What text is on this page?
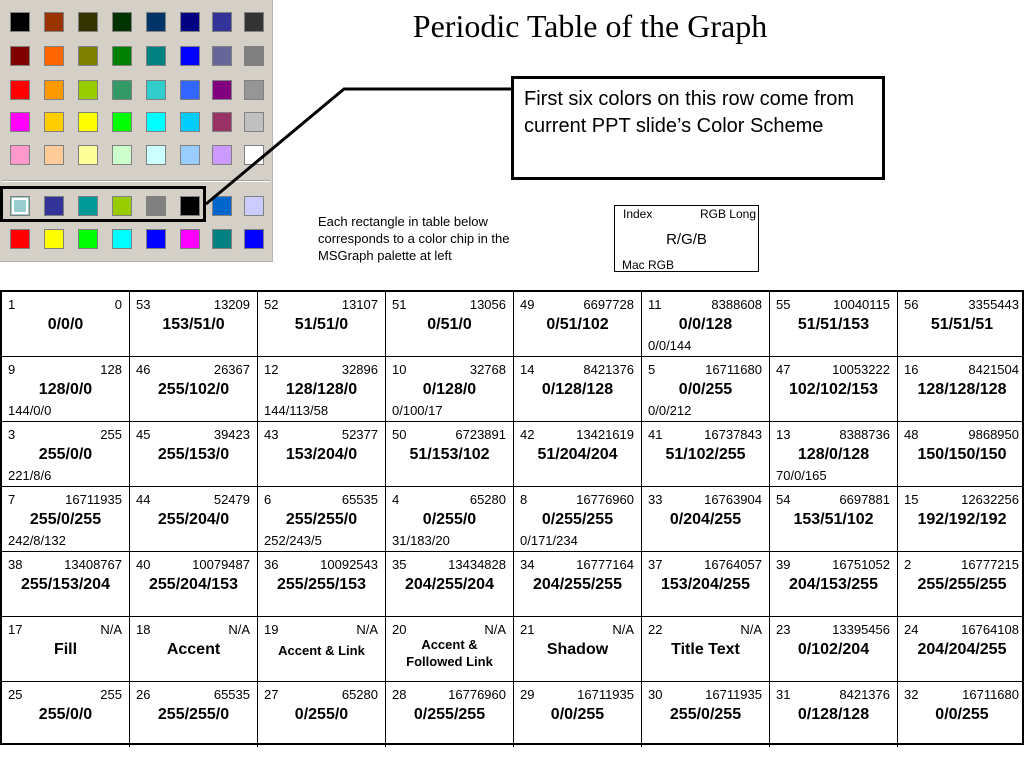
Periodic Table of the Graph
First six colors on this row come from current PPT slide’s Color Scheme
Each rectangle in table below corresponds to a color chip in the MSGraph palette at left
Index	RGB Long
R/G/B
Mac RGB
1	0
0/0/0
53	13209
153/51/0
52	13107
51/51/0
51	13056
0/51/0
49	6697728
0/51/102
11	8388608
0/0/128
0/0/144
55	10040115
51/51/153
56	3355443
51/51/51
9	128
128/0/0
144/0/0
46	26367
255/102/0
12	32896
128/128/0
144/113/58
10	32768
0/128/0
0/100/17
14	8421376
0/128/128
5	16711680
0/0/255
0/0/212
47	10053222
102/102/153
16	8421504
128/128/128
3	255
255/0/0
221/8/6
45	39423
255/153/0
43	52377
153/204/0
50	6723891
51/153/102
42	13421619
51/204/204
41	16737843
51/102/255
13	8388736
128/0/128
70/0/165
48	9868950
150/150/150
7	16711935
255/0/255
242/8/132
44	52479
255/204/0
6	65535
255/255/0
252/243/5
4	65280
0/255/0
31/183/20
8	16776960
0/255/255
0/171/234
33	16763904
0/204/255
54	6697881
153/51/102
15	12632256
192/192/192
38	13408767
255/153/204
40	10079487
255/204/153
36	10092543
255/255/153
35	13434828
204/255/204
34	16777164
204/255/255
37	16764057
153/204/255
39	16751052
204/153/255
2	16777215
255/255/255
17	N/A
Fill
18	N/A
Accent
19	N/A
Accent & Link
20	N/A
Accent & Followed Link
21	N/A
Shadow
22	N/A
Title Text
23	13395456
0/102/204
24	16764108
204/204/255
25	255
255/0/0
26	65535
255/255/0
27	65280
0/255/0
28	16776960
0/255/255
29	16711935
0/0/255
30	16711935
255/0/255
31	8421376
0/128/128
32	16711680
0/0/255
